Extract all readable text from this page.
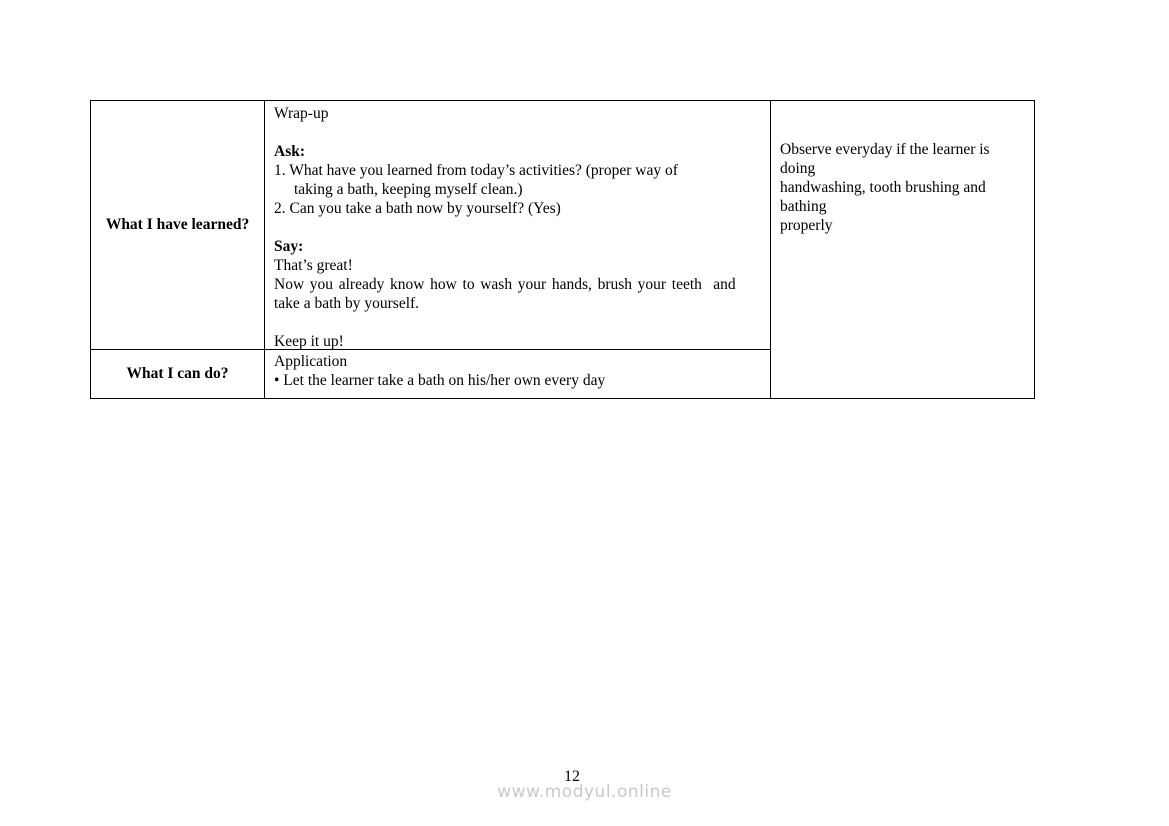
What I have learned?
Wrap-up
Ask:
1. What have you learned from today’s activities? (proper way of
taking a bath, keeping myself clean.)
2. Can you take a bath now by yourself? (Yes)
Say:
That’s great!
Now you already know how to wash your hands, brush your teeth  and
take a bath by yourself.
Keep it up!
Observe everyday if the learner is
doing
handwashing, tooth brushing and
bathing
properly
What I can do?
Application
• Let the learner take a bath on his/her own every day
12
www.modyul.online
